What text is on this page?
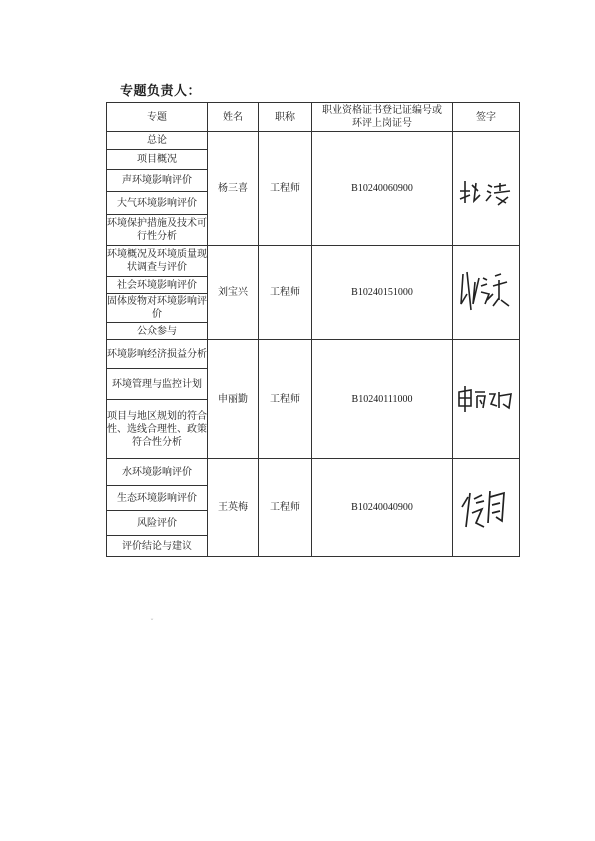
专题负责人：
专题	姓名	职称	职业资格证书登记证编号或环评上岗证号	签字
总论	杨三喜	工程师	B10240060900	

项目概况				
声环境影响评价				
大气环境影响评价				
环境保护措施及技术可行性分析				
环境概况及环境质量现状调查与评价	刘宝兴	工程师	B10240151000	

社会环境影响评价				
固体废物对环境影响评价				
公众参与				
环境影响经济损益分析	申丽勤	工程师	B10240111000	

环境管理与监控计划				
项目与地区规划的符合性、选线合理性、政策符合性分析				
水环境影响评价	王英梅	工程师	B10240040900	

生态环境影响评价				
风险评价				
评价结论与建议				
ˇ
